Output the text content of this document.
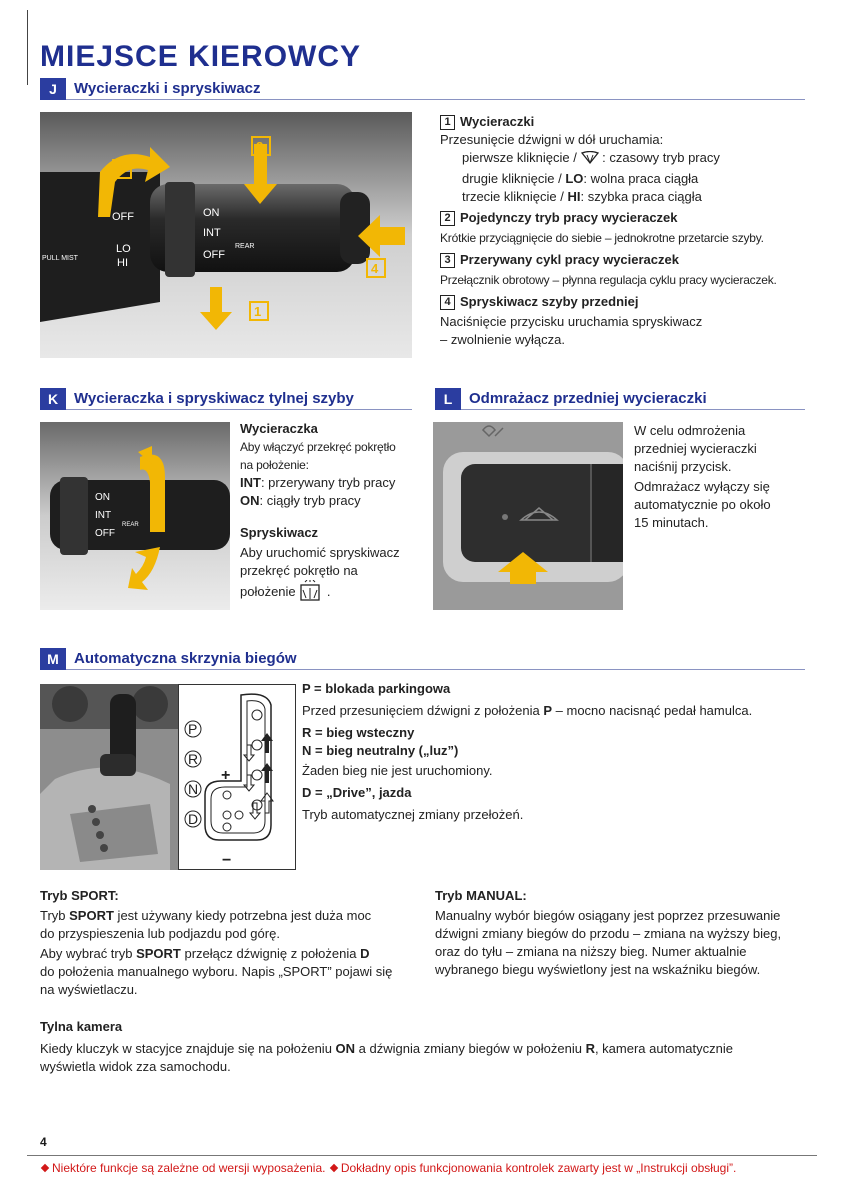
MIEJSCE KIEROWCY
J	Wycieraczki i spryskiwacz
OFF
LO
HI
ON
INT
OFF
REAR
PULL MIST
2
3
1
4
1 Wycieraczki
Przesunięcie dźwigni w dół uruchamia:
pierwsze kliknięcie /  : czasowy tryb pracy
drugie kliknięcie / LO: wolna praca ciągła
trzecie kliknięcie / HI: szybka praca ciągła
2 Pojedynczy tryb pracy wycieraczek
Krótkie przyciągnięcie do siebie – jednokrotne przetarcie szyby.
3 Przerywany cykl pracy wycieraczek
Przełącznik obrotowy – płynna regulacja cyklu pracy wycieraczek.
4 Spryskiwacz szyby przedniej
Naciśnięcie przycisku uruchamia spryskiwacz
– zwolnienie wyłącza.
K	Wycieraczka i spryskiwacz tylnej szyby
ON
INT
OFF
REAR
Wycieraczka
Aby włączyć przekręć pokrętło
na położenie:
INT: przerywany tryb pracy
ON: ciągły tryb pracy
Spryskiwacz
Aby uruchomić spryskiwacz
przekręć pokrętło na
położenie  .
L	Odmrażacz przedniej wycieraczki
W celu odmrożenia
przedniej wycieraczki
naciśnij przycisk.
Odmrażacz wyłączy się
automatycznie po około
15 minutach.
M	Automatyczna skrzynia biegów
P
R
N
D
+
−
P = blokada parkingowa
Przed przesunięciem dźwigni z położenia P – mocno nacisnąć pedał hamulca.
R = bieg wsteczny
N = bieg neutralny („luz”)
Żaden bieg nie jest uruchomiony.
D = „Drive”, jazda
Tryb automatycznej zmiany przełożeń.
Tryb SPORT:
Tryb SPORT jest używany kiedy potrzebna jest duża moc
do przyspieszenia lub podjazdu pod górę.
Aby wybrać tryb SPORT przełącz dźwignię z położenia D
do położenia manualnego wyboru. Napis „SPORT” pojawi się
na wyświetlaczu.
Tryb MANUAL:
Manualny wybór biegów osiągany jest poprzez przesuwanie
dźwigni zmiany biegów do przodu – zmiana na wyższy bieg,
oraz do tyłu – zmiana na niższy bieg. Numer aktualnie
wybranego biegu wyświetlony jest na wskaźniku biegów.
Tylna kamera
Kiedy kluczyk w stacyjce znajduje się na położeniu ON a dźwignia zmiany biegów w położeniu R, kamera automatycznie
wyświetla widok zza samochodu.
4
Niektóre funkcje są zależne od wersji wyposażenia. Dokładny opis funkcjonowania kontrolek zawarty jest w „Instrukcji obsługi”.
